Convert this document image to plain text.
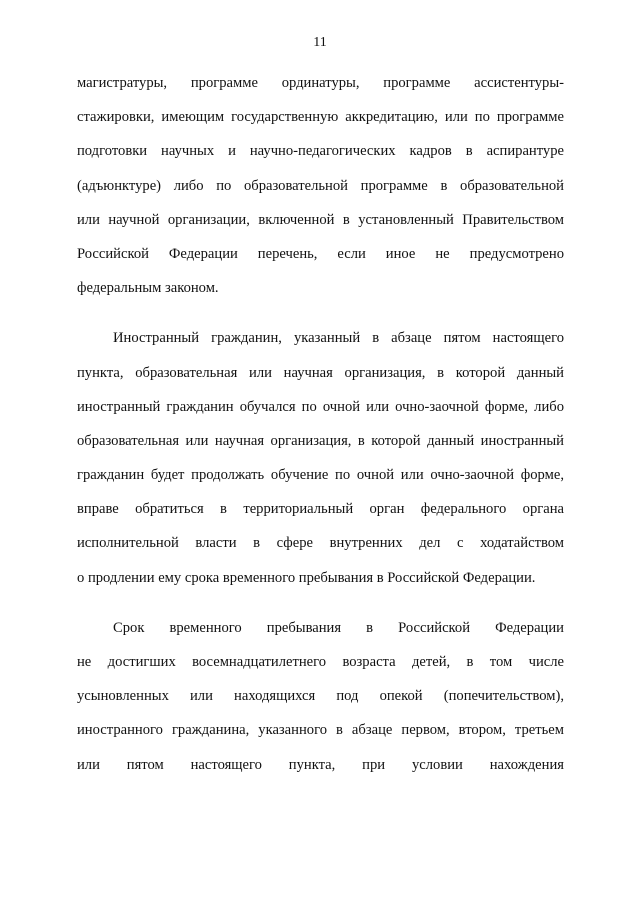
11

магистратуры, программе ординатуры, программе ассистентуры-
стажировки, имеющим государственную аккредитацию, или по программе
подготовки научных и научно-педагогических кадров в аспирантуре
(адъюнктуре) либо по образовательной программе в образовательной
или научной организации, включенной в установленный Правительством
Российской Федерации перечень, если иное не предусмотрено
федеральным законом.

Иностранный гражданин, указанный в абзаце пятом настоящего
пункта, образовательная или научная организация, в которой данный
иностранный гражданин обучался по очной или очно-заочной форме, либо
образовательная или научная организация, в которой данный иностранный
гражданин будет продолжать обучение по очной или очно-заочной форме,
вправе обратиться в территориальный орган федерального органа
исполнительной власти в сфере внутренних дел с ходатайством
о продлении ему срока временного пребывания в Российской Федерации.

Срок временного пребывания в Российской Федерации
не достигших восемнадцатилетнего возраста детей, в том числе
усыновленных или находящихся под опекой (попечительством),
иностранного гражданина, указанного в абзаце первом, втором, третьем
или пятом настоящего пункта, при условии нахождения
